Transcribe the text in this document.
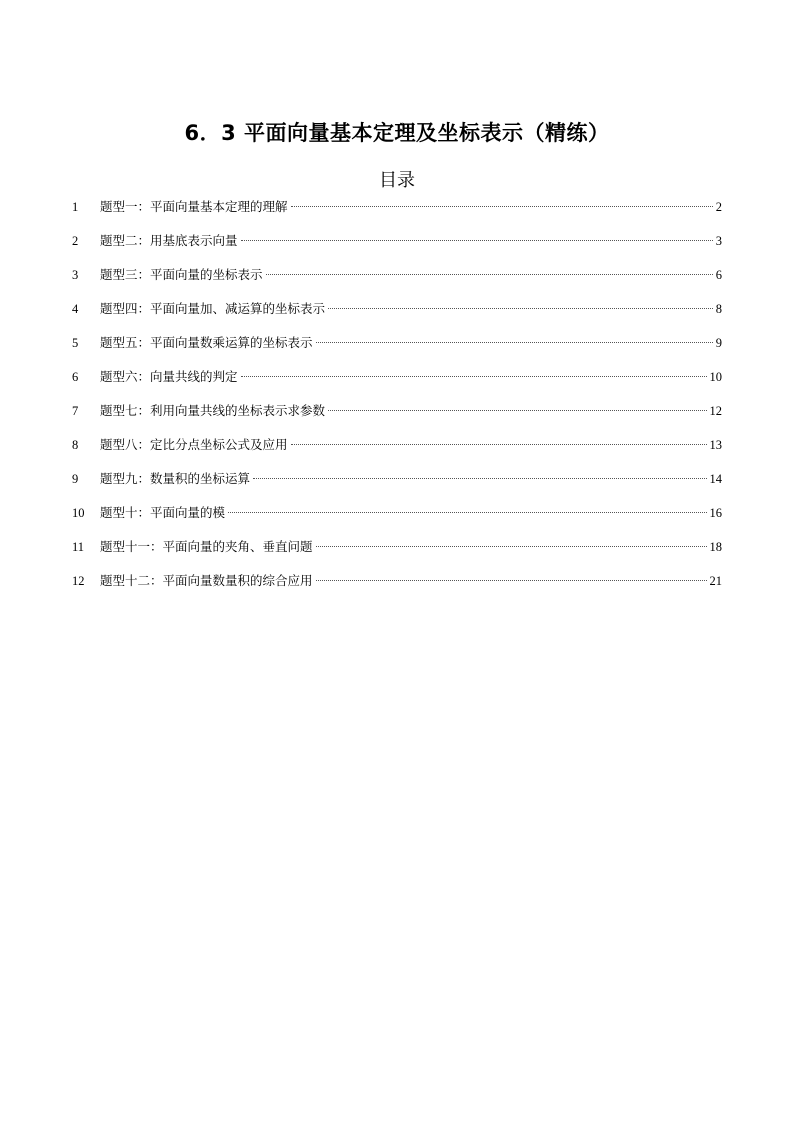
6．3 平面向量基本定理及坐标表示（精练）
目录
1	题型一：平面向量基本定理的理解	2
2	题型二：用基底表示向量	3
3	题型三：平面向量的坐标表示	6
4	题型四：平面向量加、减运算的坐标表示	8
5	题型五：平面向量数乘运算的坐标表示	9
6	题型六：向量共线的判定	10
7	题型七：利用向量共线的坐标表示求参数	12
8	题型八：定比分点坐标公式及应用	13
9	题型九：数量积的坐标运算	14
10	题型十：平面向量的模	16
11	题型十一：平面向量的夹角、垂直问题	18
12	题型十二：平面向量数量积的综合应用	21
